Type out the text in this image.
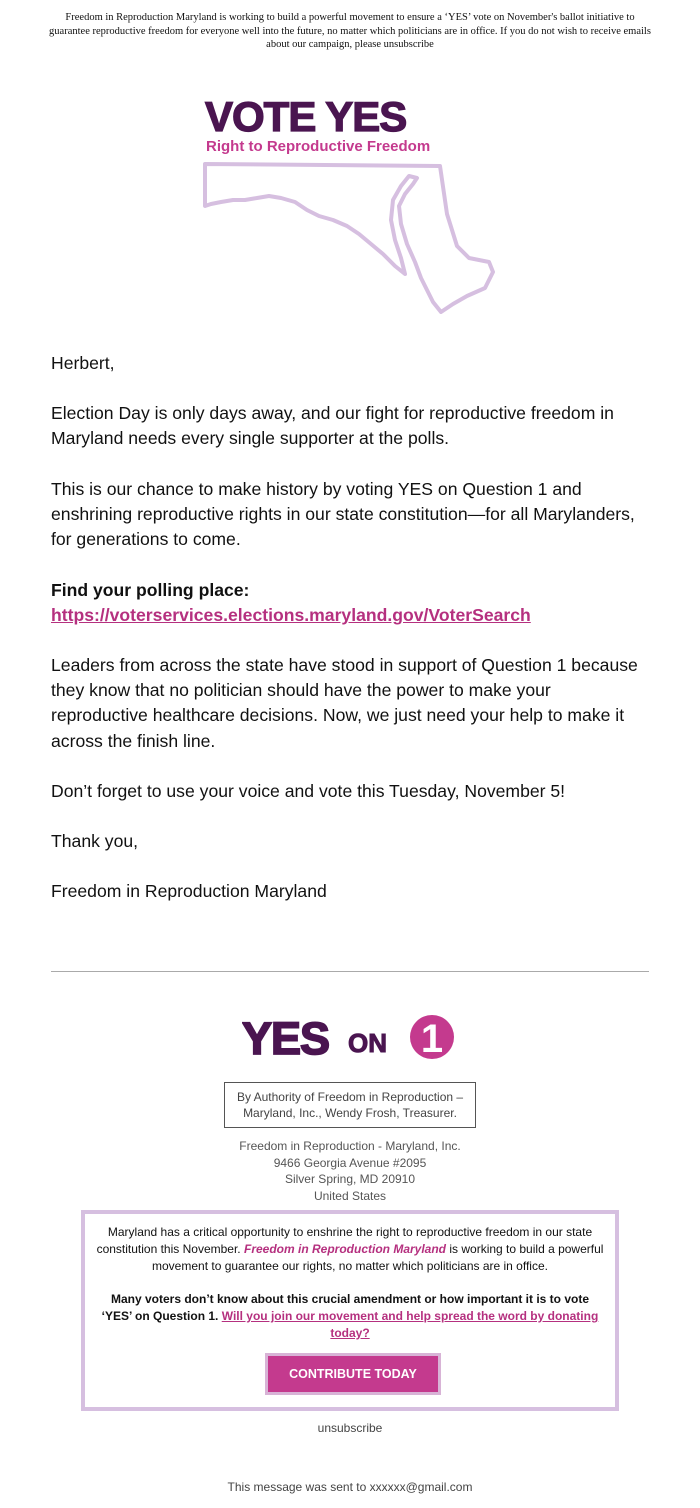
Freedom in Reproduction Maryland is working to build a powerful movement to ensure a ‘YES’ vote on November's ballot initiative to guarantee reproductive freedom for everyone well into the future, no matter which politicians are in office. If you do not wish to receive emails about our campaign, please unsubscribe
VOTE YES
Right to Reproductive Freedom
Herbert,
Election Day is only days away, and our fight for reproductive freedom in Maryland needs every single supporter at the polls.
This is our chance to make history by voting YES on Question 1 and enshrining reproductive rights in our state constitution—for all Marylanders, for generations to come.
Find your polling place:
https://voterservices.elections.maryland.gov/VoterSearch
Leaders from across the state have stood in support of Question 1 because they know that no politician should have the power to make your reproductive healthcare decisions. Now, we just need your help to make it across the finish line.
Don’t forget to use your voice and vote this Tuesday, November 5!
Thank you,
Freedom in Reproduction Maryland
YES ON 1
By Authority of Freedom in Reproduction –
Maryland, Inc., Wendy Frosh, Treasurer.
Freedom in Reproduction - Maryland, Inc.
9466 Georgia Avenue #2095
Silver Spring, MD 20910
United States
Maryland has a critical opportunity to enshrine the right to reproductive freedom in our state constitution this November. Freedom in Reproduction Maryland is working to build a powerful movement to guarantee our rights, no matter which politicians are in office.
Many voters don’t know about this crucial amendment or how important it is to vote ‘YES’ on Question 1. Will you join our movement and help spread the word by donating today?
CONTRIBUTE TODAY
unsubscribe
This message was sent to xxxxxx@gmail.com
